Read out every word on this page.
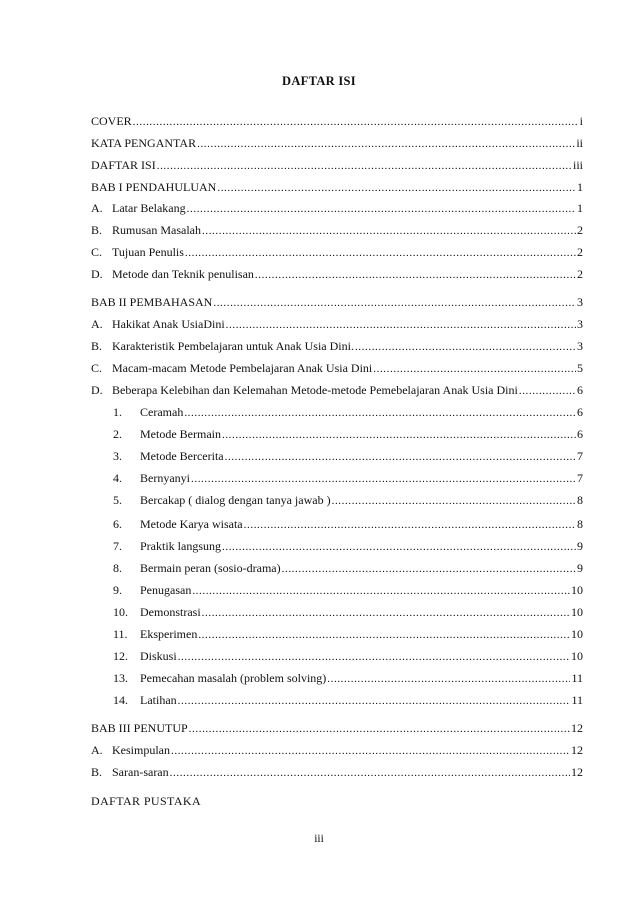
DAFTAR ISI
COVER .....	i
KATA PENGANTAR .....	ii
DAFTAR ISI .....	iii
BAB I PENDAHULUAN .....	1
A. Latar Belakang .....	1
B. Rumusan Masalah .....	2
C. Tujuan Penulis .....	2
D. Metode dan Teknik penulisan .....	2
BAB II PEMBAHASAN .....	3
A. Hakikat Anak UsiaDini .....	3
B. Karakteristik Pembelajaran untuk Anak Usia Dini. .....	3
C. Macam-macam Metode Pembelajaran Anak Usia Dini .....	5
D. Beberapa Kelebihan dan Kelemahan Metode-metode Pemebelajaran Anak Usia Dini .....	6
1. Ceramah .....	6
2. Metode Bermain .....	6
3. Metode Bercerita .....	7
4. Bernyanyi .....	7
5. Bercakap ( dialog dengan tanya jawab ) .....	8
6. Metode Karya wisata .....	8
7. Praktik langsung .....	9
8. Bermain peran (sosio-drama) .....	9
9. Penugasan .....	10
10. Demonstrasi .....	10
11. Eksperimen .....	10
12. Diskusi .....	10
13. Pemecahan masalah (problem solving) .....	11
14. Latihan .....	11
BAB III PENUTUP .....	12
A. Kesimpulan .....	12
B. Saran-saran .....	12
DAFTAR PUSTAKA

iii
